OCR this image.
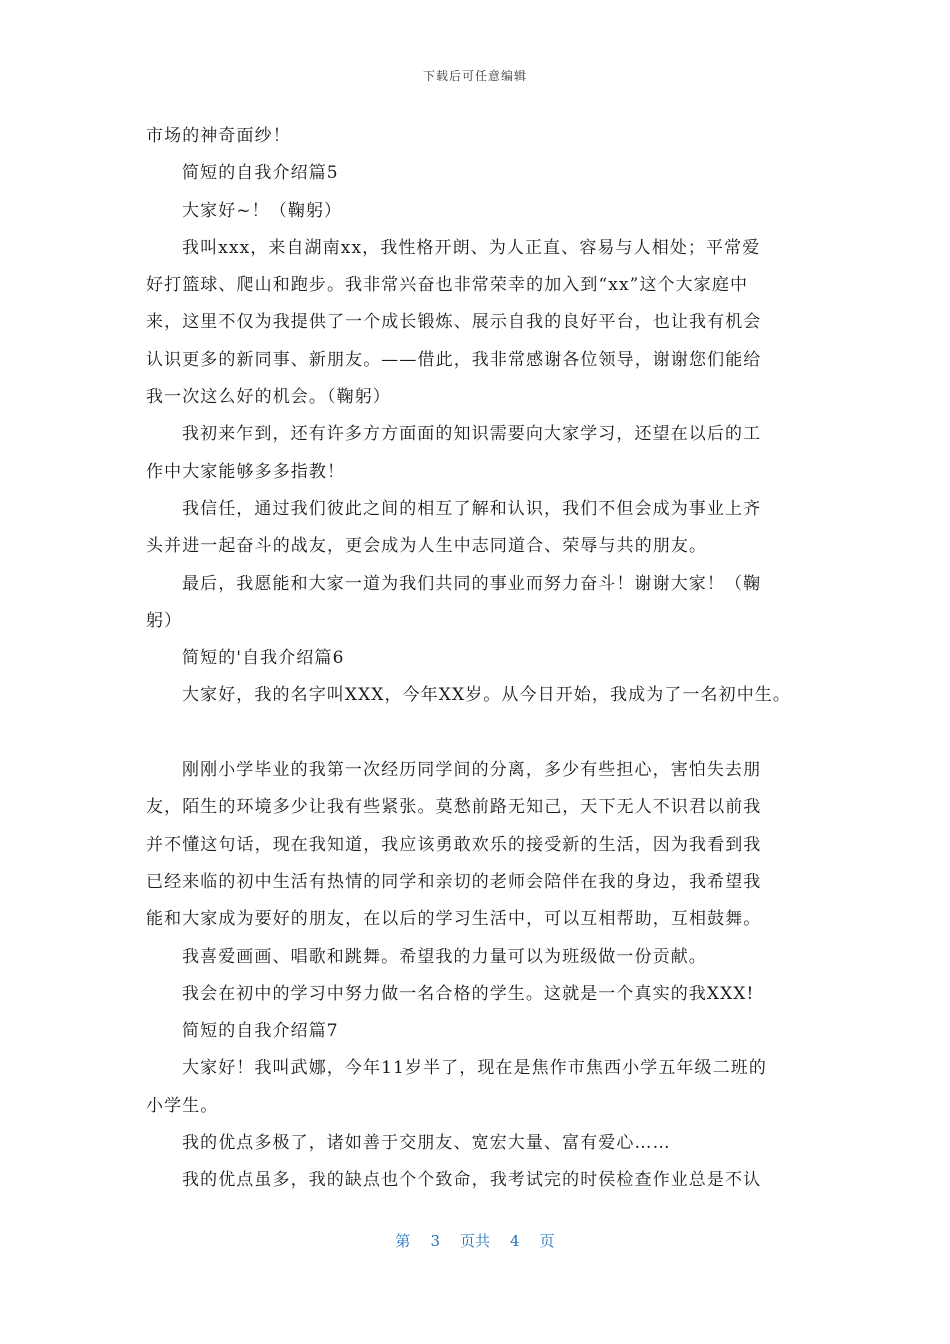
下载后可任意编辑
市场的神奇面纱！
简短的自我介绍篇5
大家好~！（鞠躬）
我叫xxx，来自湖南xx，我性格开朗、为人正直、容易与人相处；平常爱
好打篮球、爬山和跑步。我非常兴奋也非常荣幸的加入到“xx”这个大家庭中
来，这里不仅为我提供了一个成长锻炼、展示自我的良好平台，也让我有机会
认识更多的新同事、新朋友。——借此，我非常感谢各位领导，谢谢您们能给
我一次这么好的机会。（鞠躬）
我初来乍到，还有许多方方面面的知识需要向大家学习，还望在以后的工
作中大家能够多多指教！
我信任，通过我们彼此之间的相互了解和认识，我们不但会成为事业上齐
头并进一起奋斗的战友，更会成为人生中志同道合、荣辱与共的朋友。
最后，我愿能和大家一道为我们共同的事业而努力奋斗！谢谢大家！（鞠
躬）
简短的'自我介绍篇6
大家好，我的名字叫XXX，今年XX岁。从今日开始，我成为了一名初中生。
刚刚小学毕业的我第一次经历同学间的分离，多少有些担心，害怕失去朋
友，陌生的环境多少让我有些紧张。莫愁前路无知己，天下无人不识君以前我
并不懂这句话，现在我知道，我应该勇敢欢乐的接受新的生活，因为我看到我
已经来临的初中生活有热情的同学和亲切的老师会陪伴在我的身边，我希望我
能和大家成为要好的朋友，在以后的学习生活中，可以互相帮助，互相鼓舞。
我喜爱画画、唱歌和跳舞。希望我的力量可以为班级做一份贡献。
我会在初中的学习中努力做一名合格的学生。这就是一个真实的我XXX!
简短的自我介绍篇7
大家好！我叫武娜，今年11岁半了，现在是焦作市焦西小学五年级二班的
小学生。
我的优点多极了，诸如善于交朋友、宽宏大量、富有爱心……
我的优点虽多，我的缺点也个个致命，我考试完的时侯检查作业总是不认
第 3 页共 4 页
